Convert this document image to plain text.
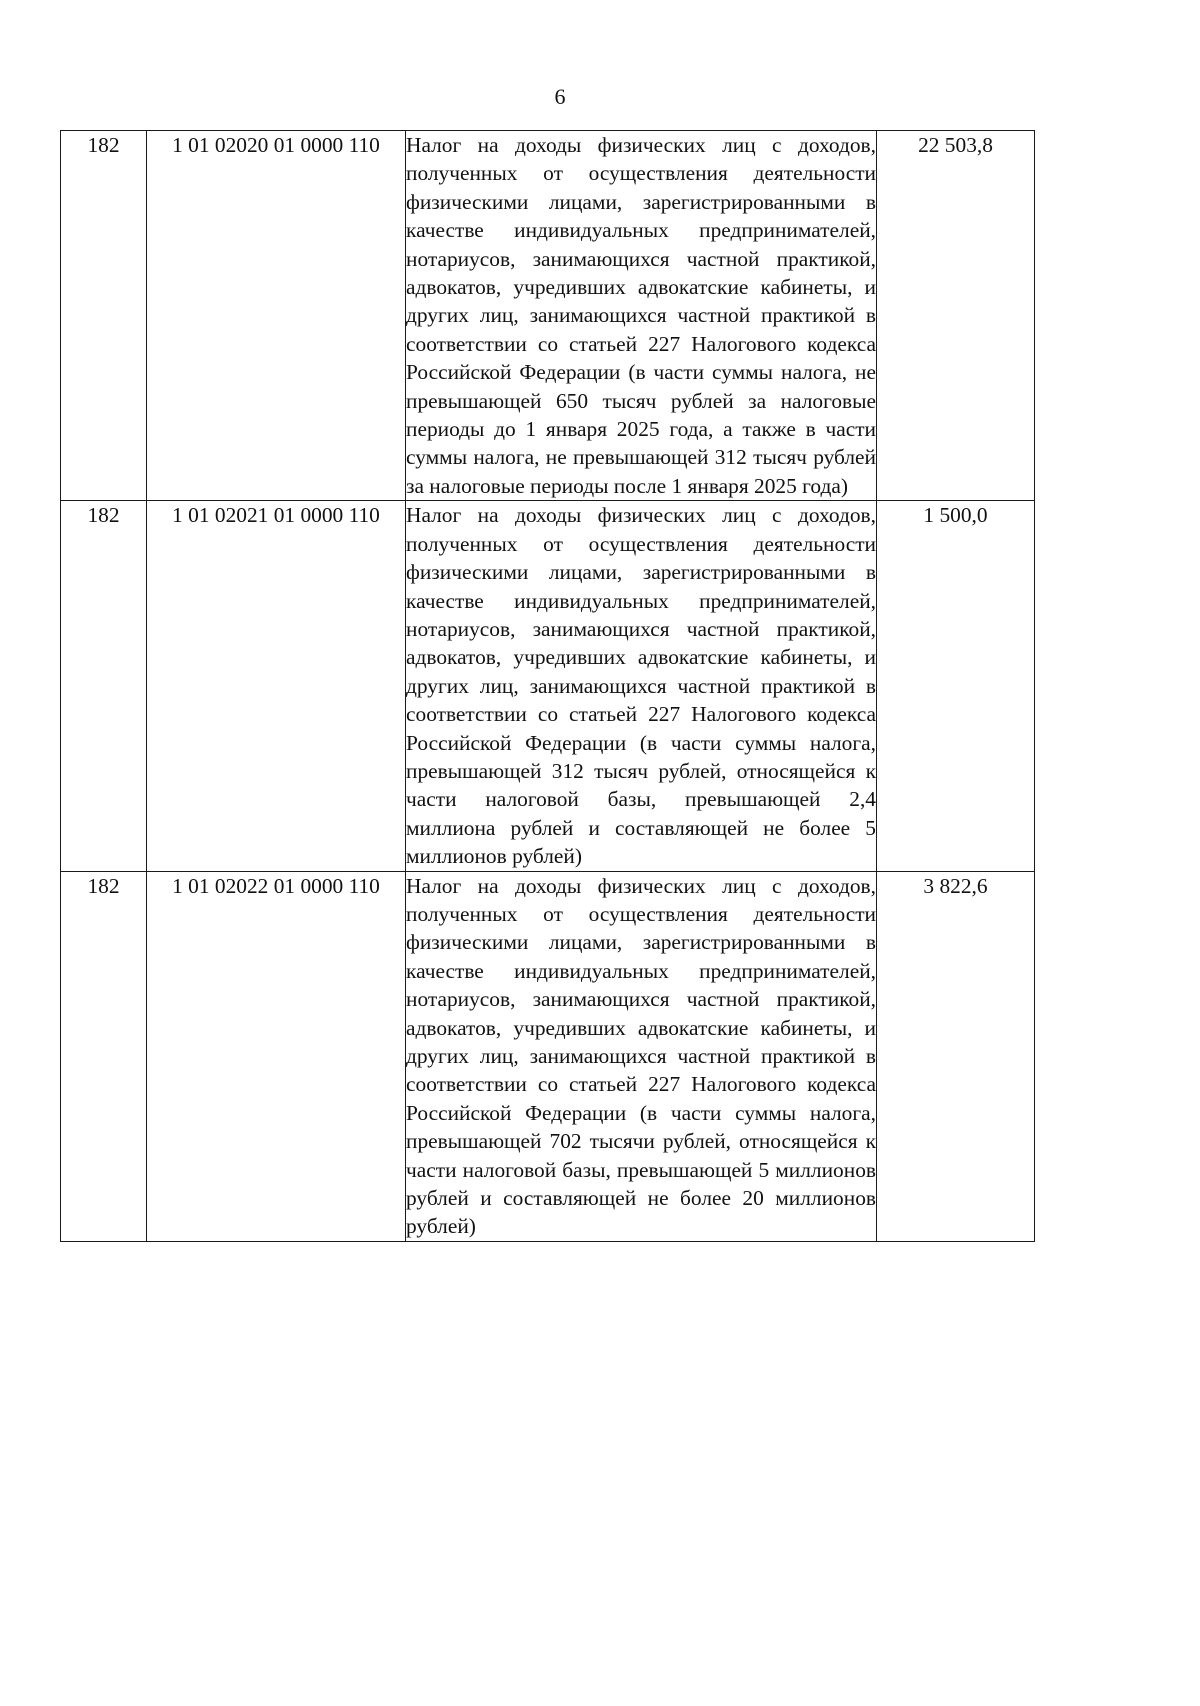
6
182	1 01 02020 01 0000 110	Налог на доходы физических лиц с доходов, полученных от осуществления деятельности физическими лицами, зарегистрированными в качестве индивидуальных предпринимателей, нотариусов, занимающихся частной практикой, адвокатов, учредивших адвокатские кабинеты, и других лиц, занимающихся частной практикой в соответствии со статьей 227 Налогового кодекса Российской Федерации (в части суммы налога, не превышающей 650 тысяч рублей за налоговые периоды до 1 января 2025 года, а также в части суммы налога, не превышающей 312 тысяч рублей за налоговые периоды после 1 января 2025 года)	22 503,8
182	1 01 02021 01 0000 110	Налог на доходы физических лиц с доходов, полученных от осуществления деятельности физическими лицами, зарегистрированными в качестве индивидуальных предпринимателей, нотариусов, занимающихся частной практикой, адвокатов, учредивших адвокатские кабинеты, и других лиц, занимающихся частной практикой в соответствии со статьей 227 Налогового кодекса Российской Федерации (в части суммы налога, превышающей 312 тысяч рублей, относящейся к части налоговой базы, превышающей 2,4 миллиона рублей и составляющей не более 5 миллионов рублей)	1 500,0
182	1 01 02022 01 0000 110	Налог на доходы физических лиц с доходов, полученных от осуществления деятельности физическими лицами, зарегистрированными в качестве индивидуальных предпринимателей, нотариусов, занимающихся частной практикой, адвокатов, учредивших адвокатские кабинеты, и других лиц, занимающихся частной практикой в соответствии со статьей 227 Налогового кодекса Российской Федерации (в части суммы налога, превышающей 702 тысячи рублей, относящейся к части налоговой базы, превышающей 5 миллионов рублей и составляющей не более 20 миллионов рублей)	3 822,6
